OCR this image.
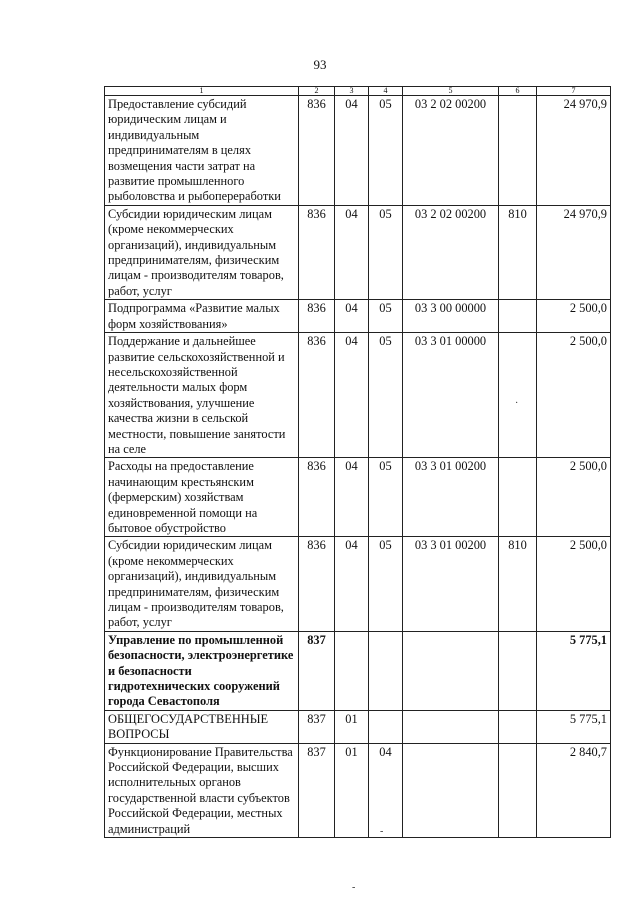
93
1	2	3	4	5	6	7
Предоставление субсидий юридическим лицам и индивидуальным предпринимателям в целях возмещения части затрат на развитие промышленного рыболовства и рыбопереработки	836	04	05	03 2 02 00200		24 970,9
Субсидии юридическим лицам (кроме некоммерческих организаций), индивидуальным предпринимателям, физическим лицам - производителям товаров, работ, услуг	836	04	05	03 2 02 00200	810	24 970,9
Подпрограмма «Развитие малых форм хозяйствования»	836	04	05	03 3 00 00000		2 500,0
Поддержание и дальнейшее развитие сельскохозяйственной и несельскохозяйственной деятельности малых форм хозяйствования, улучшение качества жизни в сельской местности, повышение занятости на селе	836	04	05	03 3 01 00000		2 500,0
Расходы на предоставление начинающим крестьянским (фермерским) хозяйствам единовременной помощи на бытовое обустройство	836	04	05	03 3 01 00200		2 500,0
Субсидии юридическим лицам (кроме некоммерческих организаций), индивидуальным предпринимателям, физическим лицам - производителям товаров, работ, услуг	836	04	05	03 3 01 00200	810	2 500,0
Управление по промышленной безопасности, электроэнергетике и безопасности гидротехнических сооружений города Севастополя	837					5 775,1
ОБЩЕГОСУДАРСТВЕННЫЕ ВОПРОСЫ	837	01				5 775,1
Функционирование Правительства Российской Федерации, высших исполнительных органов государственной власти субъектов Российской Федерации, местных администраций	837	01	04			2 840,7
·
-
-
